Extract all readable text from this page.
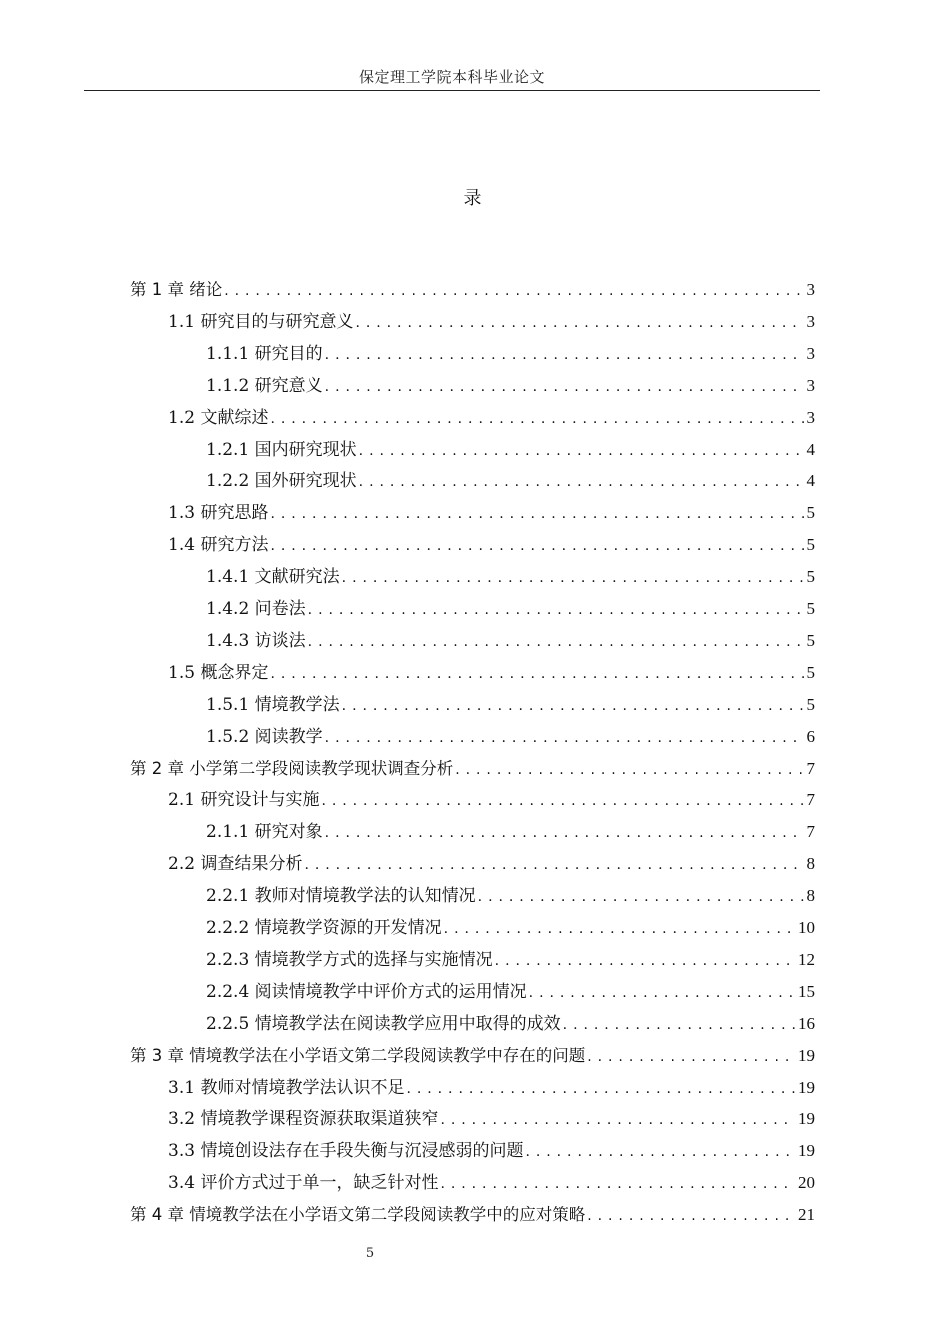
保定理工学院本科毕业论文
录
第 1 章 绪论 . . .	3
1.1 研究目的与研究意义 . . .	3
1.1.1 研究目的 . . .	3
1.1.2 研究意义 . . .	3
1.2 文献综述 . . .	3
1.2.1 国内研究现状 . . .	4
1.2.2 国外研究现状 . . .	4
1.3 研究思路 . . .	5
1.4 研究方法 . . .	5
1.4.1 文献研究法 . . .	5
1.4.2 问卷法 . . .	5
1.4.3 访谈法 . . .	5
1.5 概念界定 . . .	5
1.5.1 情境教学法 . . .	5
1.5.2 阅读教学 . . .	6
第 2 章 小学第二学段阅读教学现状调查分析 . . .	7
2.1 研究设计与实施 . . .	7
2.1.1 研究对象 . . .	7
2.2 调查结果分析 . . .	8
2.2.1 教师对情境教学法的认知情况 . . .	8
2.2.2 情境教学资源的开发情况 . . .	10
2.2.3 情境教学方式的选择与实施情况 . . .	12
2.2.4 阅读情境教学中评价方式的运用情况 . . .	15
2.2.5 情境教学法在阅读教学应用中取得的成效 . . .	16
第 3 章 情境教学法在小学语文第二学段阅读教学中存在的问题 . . .	19
3.1 教师对情境教学法认识不足 . . .	19
3.2 情境教学课程资源获取渠道狭窄 . . .	19
3.3 情境创设法存在手段失衡与沉浸感弱的问题 . . .	19
3.4 评价方式过于单一，缺乏针对性 . . .	20
第 4 章 情境教学法在小学语文第二学段阅读教学中的应对策略 . . .	21
5
